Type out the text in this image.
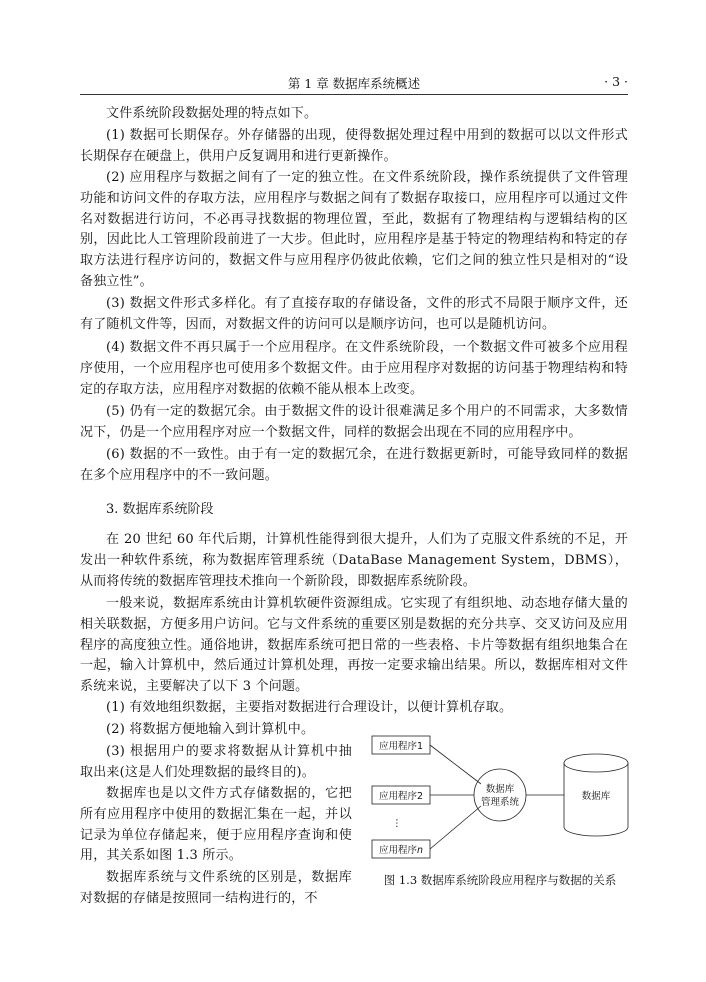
第 1 章 数据库系统概述	· 3 ·

文件系统阶段数据处理的特点如下。

(1) 数据可长期保存。外存储器的出现，使得数据处理过程中用到的数据可以以文件形式长期保存在硬盘上，供用户反复调用和进行更新操作。

(2) 应用程序与数据之间有了一定的独立性。在文件系统阶段，操作系统提供了文件管理功能和访问文件的存取方法，应用程序与数据之间有了数据存取接口，应用程序可以通过文件名对数据进行访问，不必再寻找数据的物理位置，至此，数据有了物理结构与逻辑结构的区别，因此比人工管理阶段前进了一大步。但此时，应用程序是基于特定的物理结构和特定的存取方法进行程序访问的，数据文件与应用程序仍彼此依赖，它们之间的独立性只是相对的“设备独立性”。

(3) 数据文件形式多样化。有了直接存取的存储设备，文件的形式不局限于顺序文件，还有了随机文件等，因而，对数据文件的访问可以是顺序访问，也可以是随机访问。

(4) 数据文件不再只属于一个应用程序。在文件系统阶段，一个数据文件可被多个应用程序使用，一个应用程序也可使用多个数据文件。由于应用程序对数据的访问基于物理结构和特定的存取方法，应用程序对数据的依赖不能从根本上改变。

(5) 仍有一定的数据冗余。由于数据文件的设计很难满足多个用户的不同需求，大多数情况下，仍是一个应用程序对应一个数据文件，同样的数据会出现在不同的应用程序中。

(6) 数据的不一致性。由于有一定的数据冗余，在进行数据更新时，可能导致同样的数据在多个应用程序中的不一致问题。

3. 数据库系统阶段

在 20 世纪 60 年代后期，计算机性能得到很大提升，人们为了克服文件系统的不足，开发出一种软件系统，称为数据库管理系统（DataBase Management System，DBMS），从而将传统的数据库管理技术推向一个新阶段，即数据库系统阶段。

一般来说，数据库系统由计算机软硬件资源组成。它实现了有组织地、动态地存储大量的相关联数据，方便多用户访问。它与文件系统的重要区别是数据的充分共享、交叉访问及应用程序的高度独立性。通俗地讲，数据库系统可把日常的一些表格、卡片等数据有组织地集合在一起，输入计算机中，然后通过计算机处理，再按一定要求输出结果。所以，数据库相对文件系统来说，主要解决了以下 3 个问题。

(1) 有效地组织数据，主要指对数据进行合理设计，以便计算机存取。

(2) 将数据方便地输入到计算机中。

(3) 根据用户的要求将数据从计算机中抽取出来(这是人们处理数据的最终目的)。

数据库也是以文件方式存储数据的，它把所有应用程序中使用的数据汇集在一起，并以记录为单位存储起来，便于应用程序查询和使用，其关系如图 1.3 所示。

数据库系统与文件系统的区别是，数据库对数据的存储是按照同一结构进行的，不

应用程序1
应用程序2
⋮
应用程序n
数据库
管理系统
数据库

图 1.3 数据库系统阶段应用程序与数据的关系
